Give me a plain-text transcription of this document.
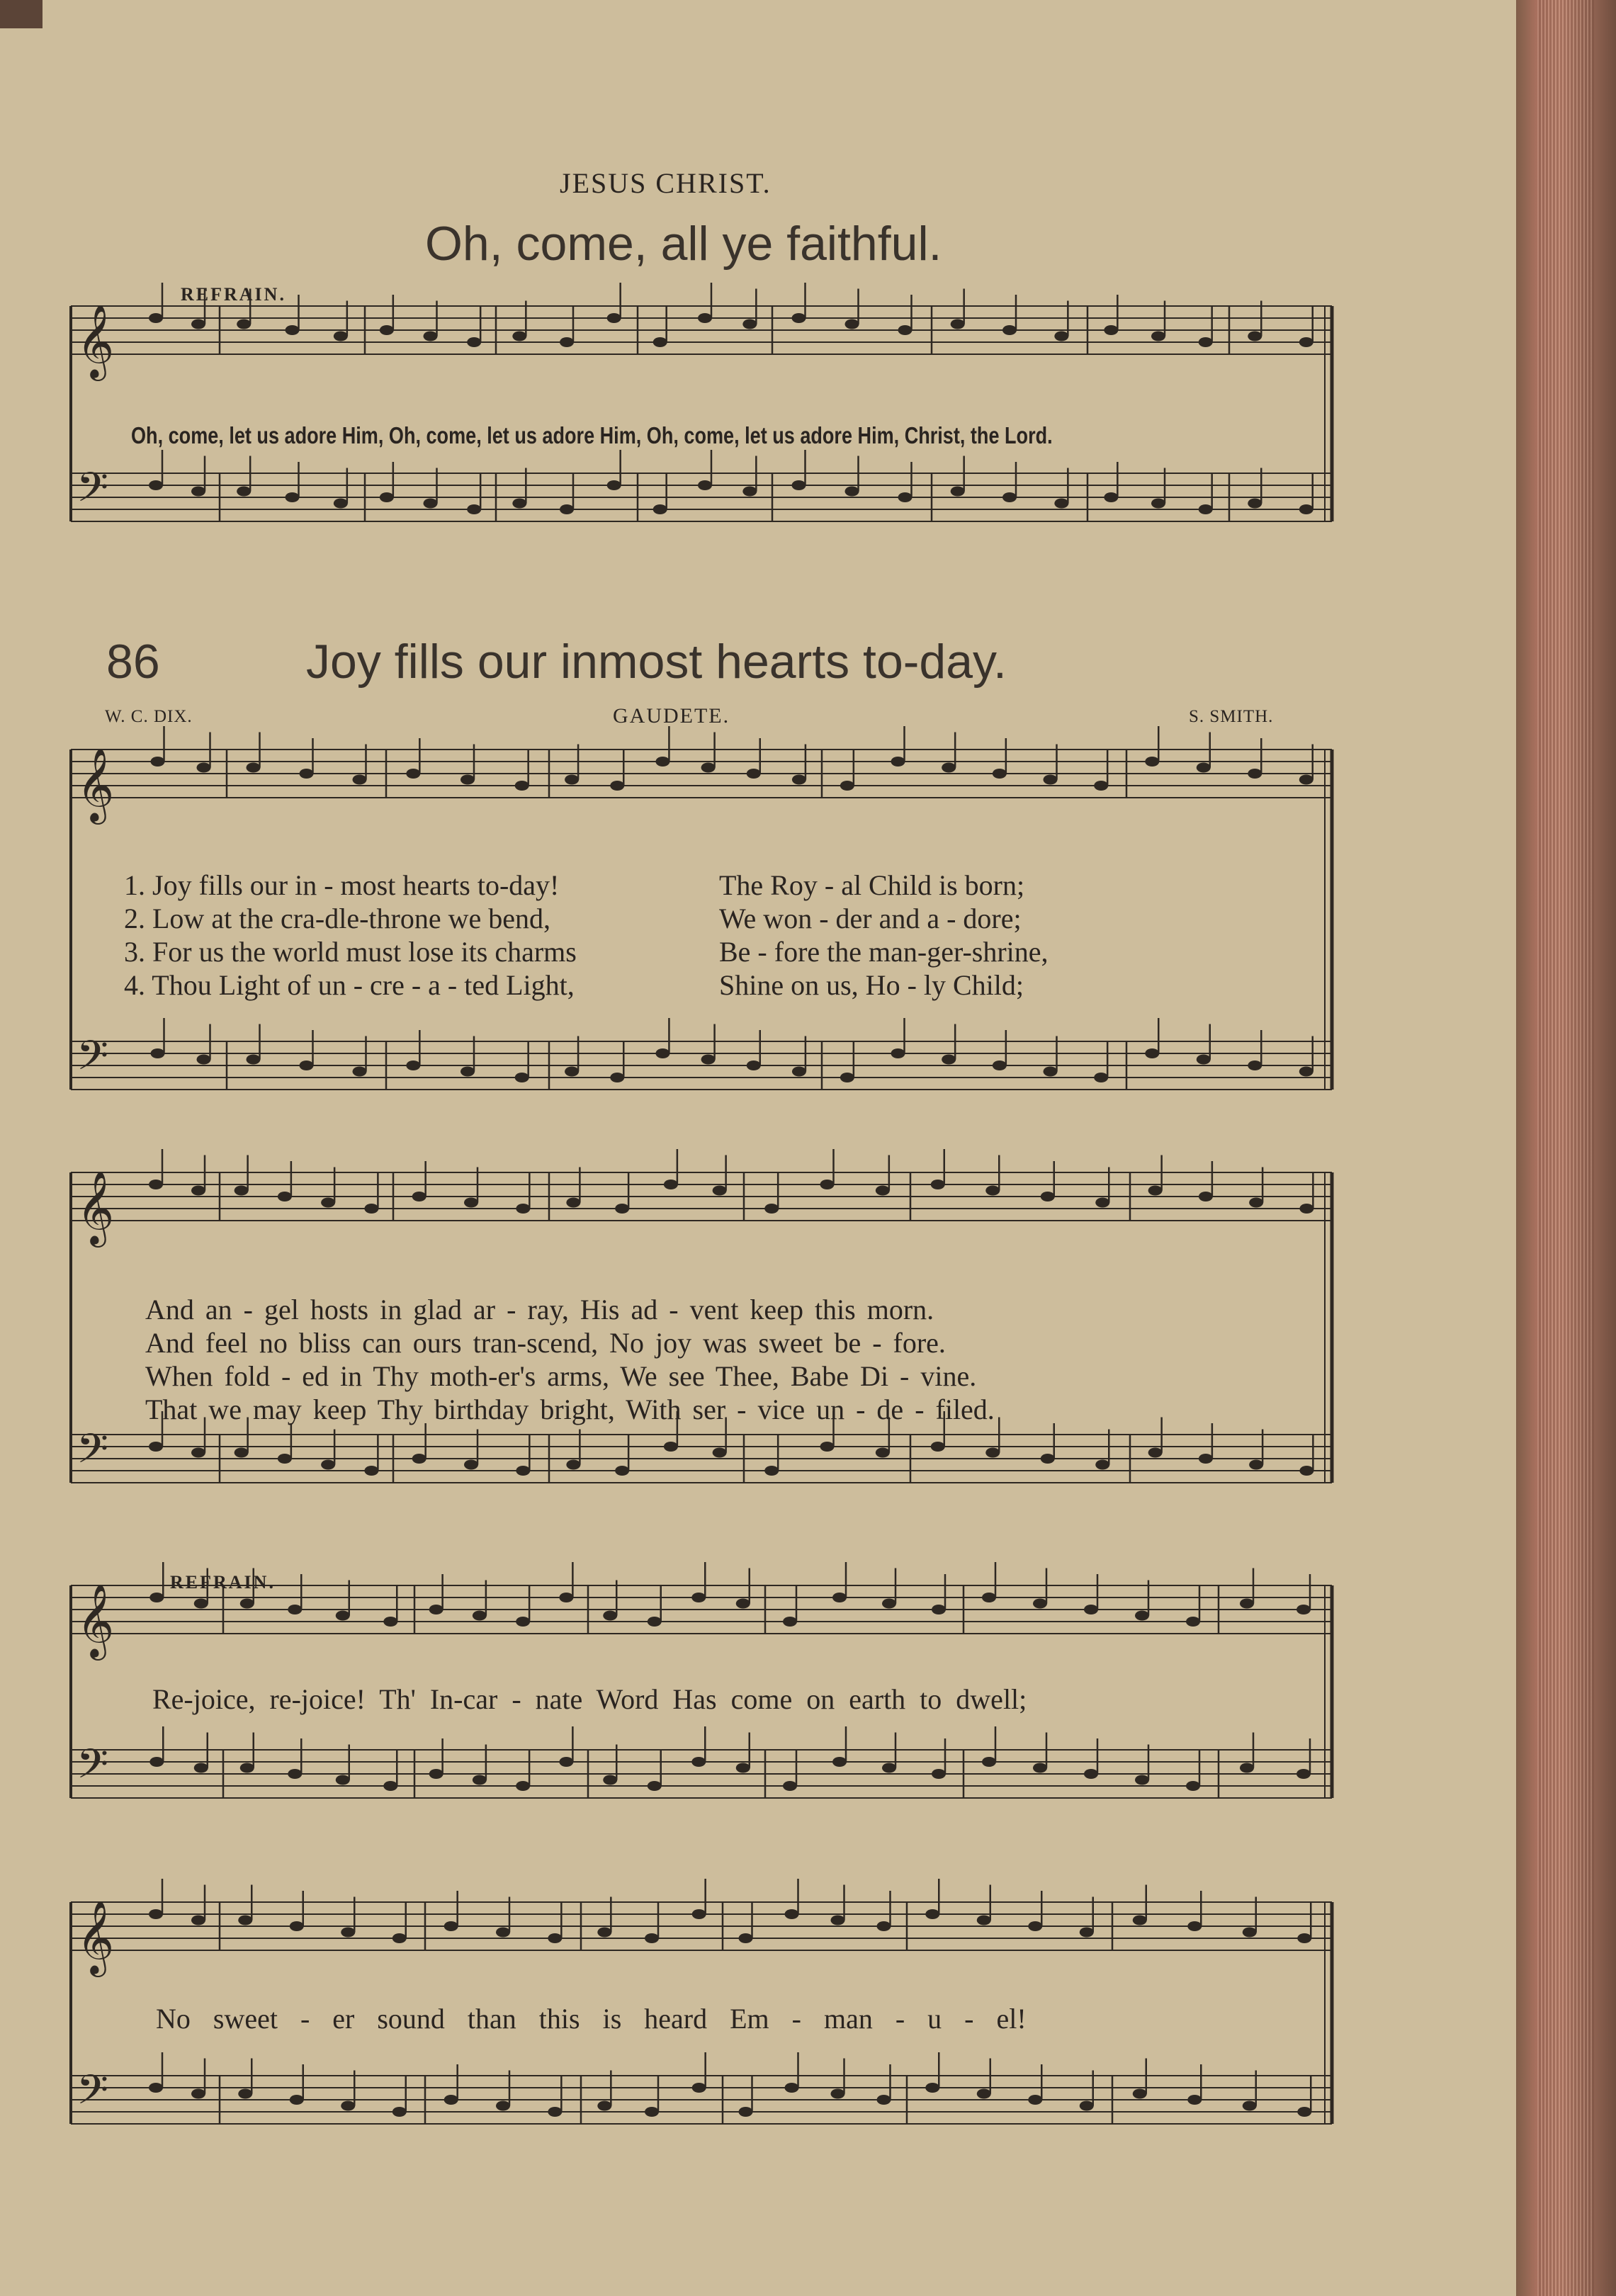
JESUS CHRIST.
Oh, come, all ye faithful.
REFRAIN.
𝄞
𝄢
𝄞
𝄢
𝄞
𝄢
𝄞
𝄢
𝄞
𝄢
Oh, come, let us adore Him, Oh, come, let us adore Him, Oh, come, let us adore Him, Christ, the Lord.
86	Joy fills our inmost hearts to-day.
W. C. DIX.	GAUDETE.	S. SMITH.
1. Joy fills our in - most hearts to-day!	The Roy - al Child is born;
2. Low at the cra-dle-throne we bend,	We won - der and a - dore;
3. For us the world must lose its charms	Be - fore the man-ger-shrine,
4. Thou Light of un - cre - a - ted Light,	Shine on us, Ho - ly Child;
And an - gel hosts in glad ar - ray, His ad - vent keep this morn.
And feel no bliss can ours tran-scend, No joy was sweet be - fore.
When fold - ed in Thy moth-er's arms, We see Thee, Babe Di - vine.
That we may keep Thy birthday bright, With ser - vice un - de - filed.
REFRAIN.
Re-joice, re-joice! Th' In-car - nate Word Has come on earth to dwell;
No sweet - er sound than this is heard Em - man - u - el!
